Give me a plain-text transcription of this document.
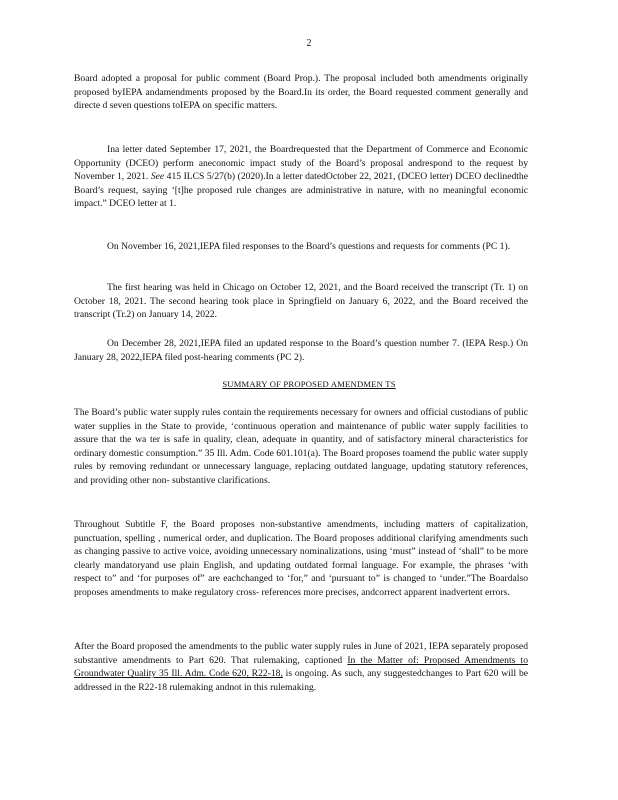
2

Board adopted a proposal for public comment (Board Prop.). The proposal included both amendments originally proposed byIEPA andamendments proposed by the Board.In its order, the Board requested comment generally and directe d seven questions toIEPA on specific matters.

Ina letter dated September 17, 2021, the Boardrequested that the Department of Commerce and Economic Opportunity (DCEO) perform aneconomic impact study of the Board’s proposal andrespond to the request by November 1, 2021. See 415 ILCS 5/27(b) (2020).In a letter datedOctober 22, 2021, (DCEO letter) DCEO declinedthe Board’s request, saying ‘[t]he proposed rule changes are administrative in nature, with no meaningful economic impact.” DCEO letter at 1.

On November 16, 2021,IEPA filed responses to the Board’s questions and requests for comments (PC 1).

The first hearing was held in Chicago on October 12, 2021, and the Board received the transcript (Tr. 1) on October 18, 2021. The second hearing took place in Springfield on January 6, 2022, and the Board received the transcript (Tr.2) on January 14, 2022.

On December 28, 2021,IEPA filed an updated response to the Board’s question number 7. (IEPA Resp.) On January 28, 2022,IEPA filed post-hearing comments (PC 2).

SUMMARY OF PROPOSED AMENDMEN TS

The Board’s public water supply rules contain the requirements necessary for owners and official custodians of public water supplies in the State to provide, ‘continuous operation and maintenance of public water supply facilities to assure that the wa ter is safe in quality, clean, adequate in quantity, and of satisfactory mineral characteristics for ordinary domestic consumption.” 35 Ill. Adm. Code 601.101(a). The Board proposes toamend the public water supply rules by removing redundant or unnecessary language, replacing outdated language, updating statutory references, and providing other non- substantive clarifications.

Throughout Subtitle F, the Board proposes non-substantive amendments, including matters of capitalization, punctuation, spelling , numerical order, and duplication. The Board proposes additional clarifying amendments such as changing passive to active voice, avoiding unnecessary nominalizations, using ‘must” instead of ‘shall” to be more clearly mandatoryand use plain English, and updating outdated formal language. For example, the phrases ‘with respect to” and ‘for purposes of” are eachchanged to ‘for,” and ‘pursuant to” is changed to ‘under.”The Boardalso proposes amendments to make regulatory cross- references more precises, andcorrect apparent inadvertent errors.

After the Board proposed the amendments to the public water supply rules in June of 2021, IEPA separately proposed substantive amendments to Part 620. That rulemaking, captioned In the Matter of: Proposed Amendments to Groundwater Quality 35 Ill. Adm. Code 620, R22-18, is ongoing. As such, any suggestedchanges to Part 620 will be addressed in the R22-18 rulemaking andnot in this rulemaking.
